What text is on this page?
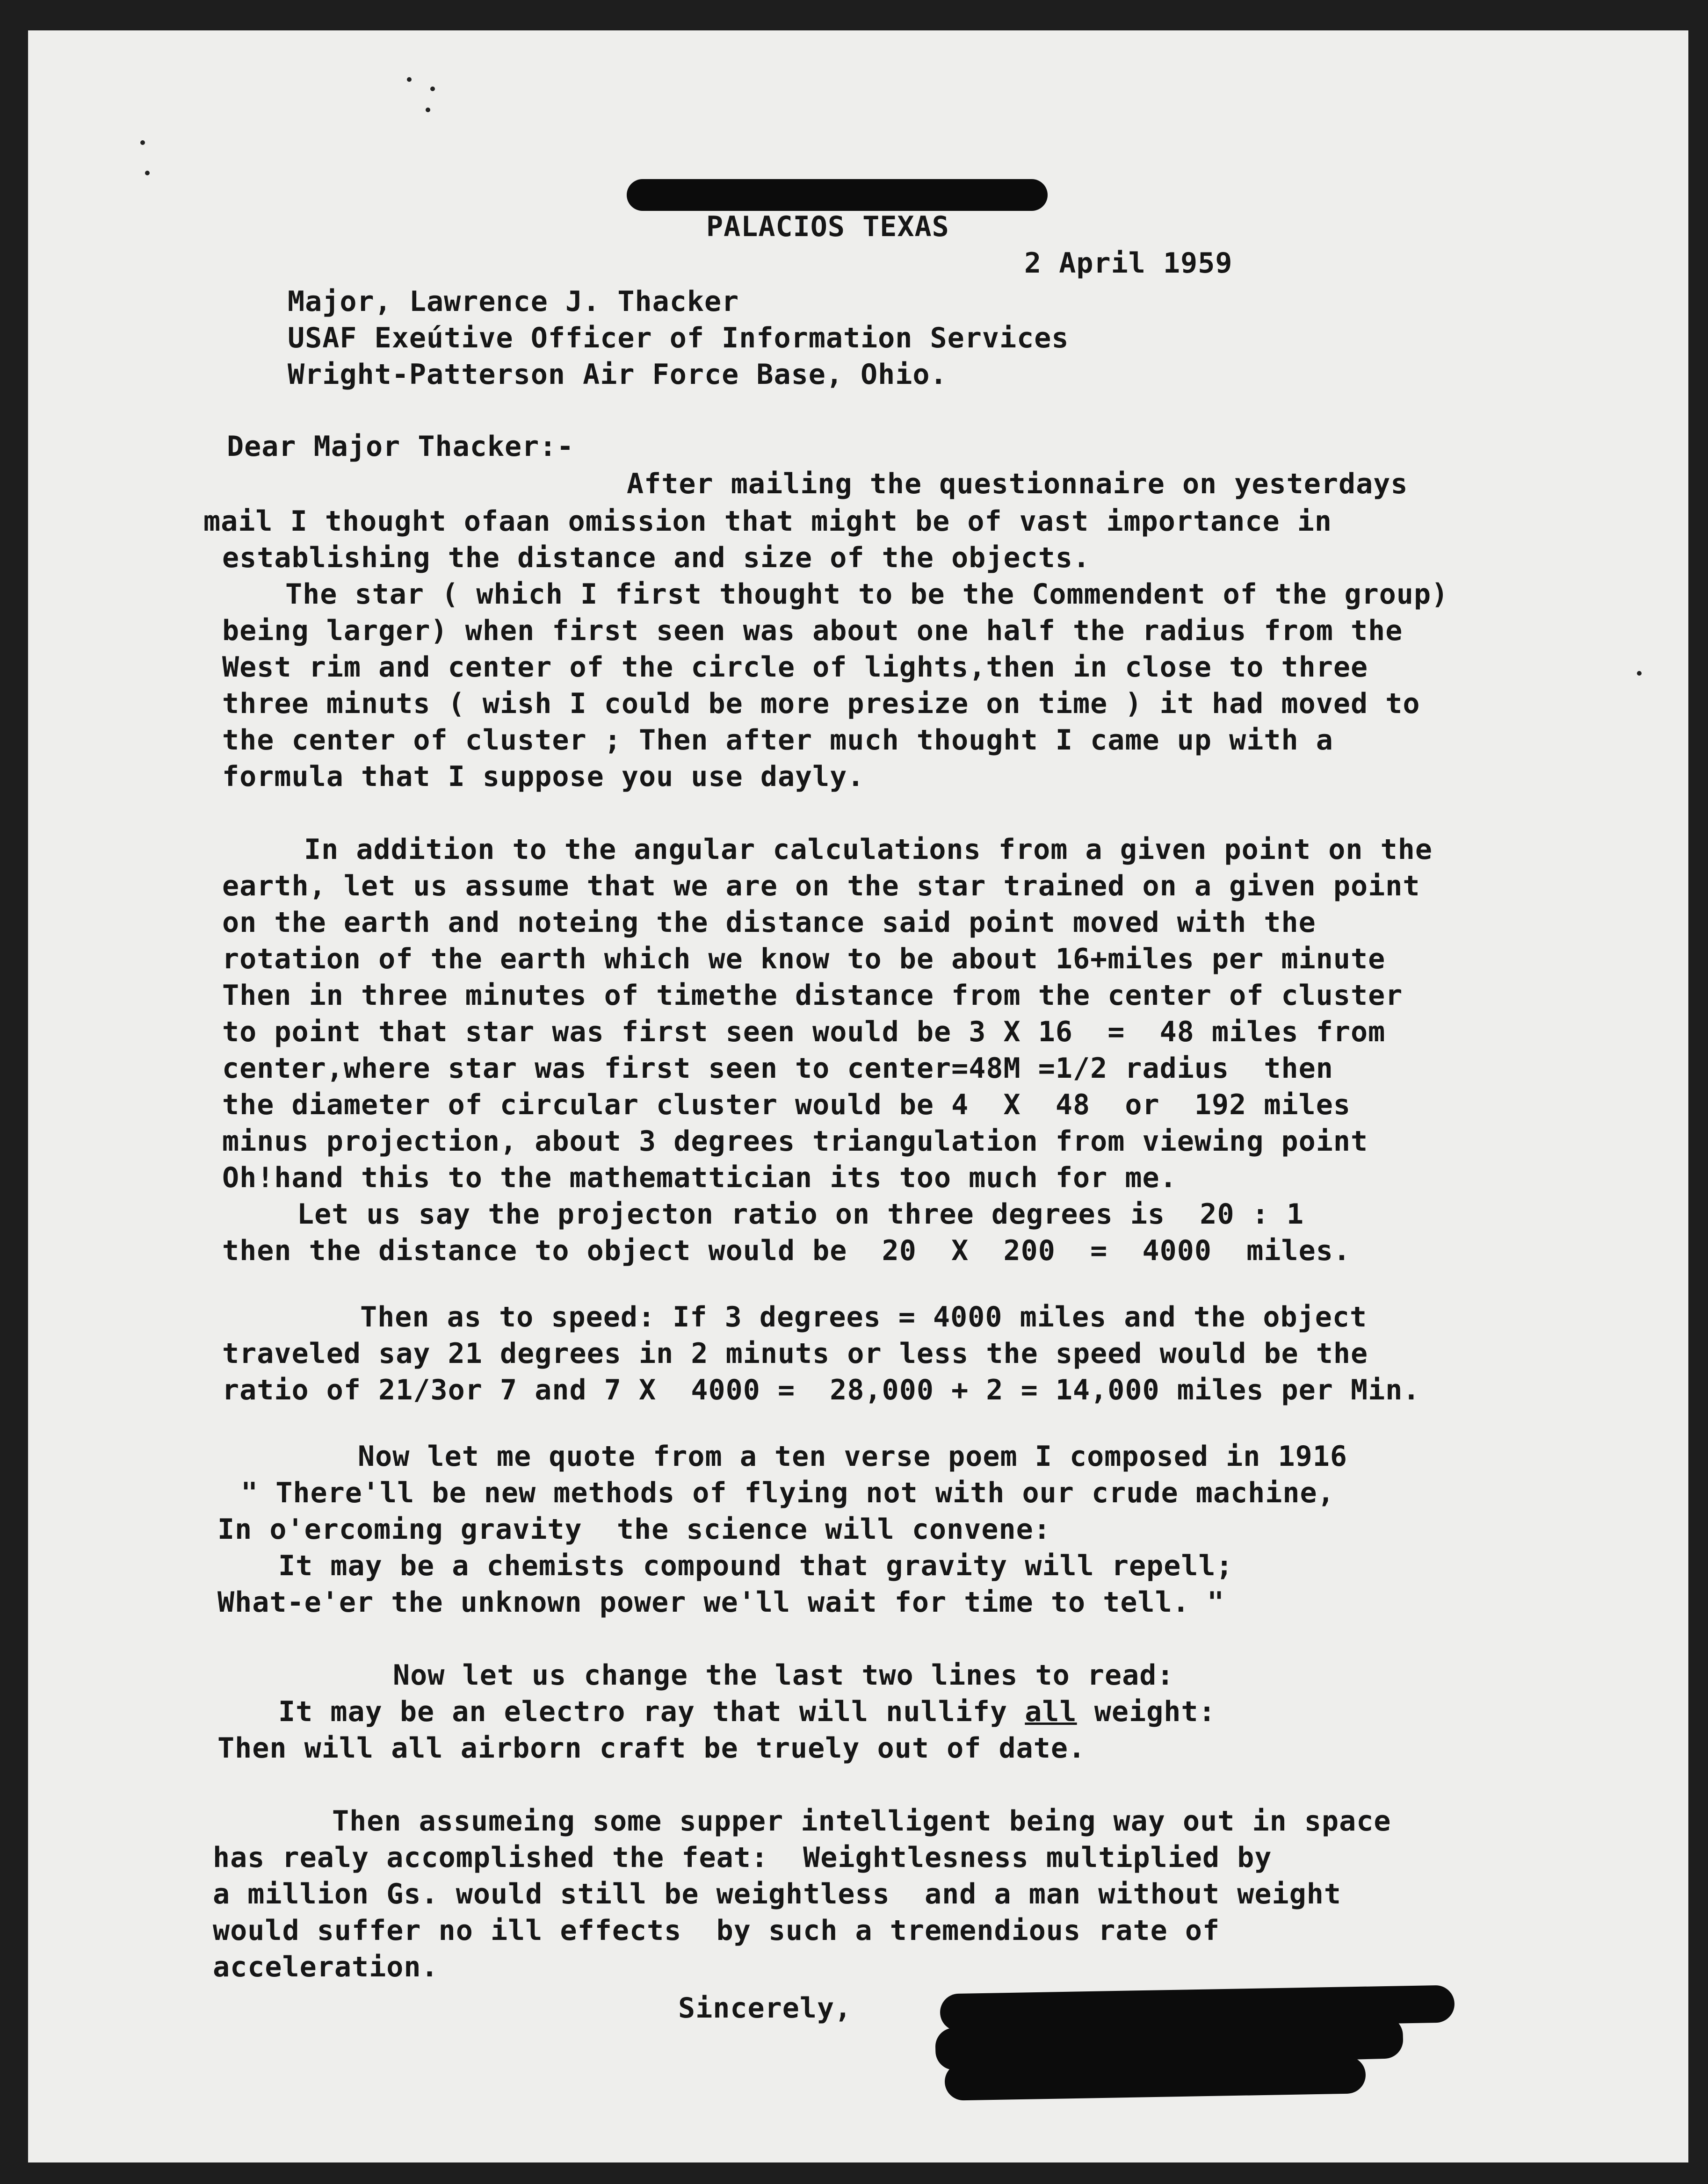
PALACIOS TEXAS
2 April 1959
Major, Lawrence J. Thacker
USAF Exeútive Officer of Information Services
Wright-Patterson Air Force Base, Ohio.
Dear Major Thacker:-
After mailing the questionnaire on yesterdays
mail I thought ofaan omission that might be of vast importance in
establishing the distance and size of the objects.
The star ( which I first thought to be the Commendent of the group)
being larger) when first seen was about one half the radius from the
West rim and center of the circle of lights,then in close to three
three minuts ( wish I could be more presize on time ) it had moved to
the center of cluster ; Then after much thought I came up with a
formula that I suppose you use dayly.
In addition to the angular calculations from a given point on the
earth, let us assume that we are on the star trained on a given point
on the earth and noteing the distance said point moved with the
rotation of the earth which we know to be about 16+miles per minute
Then in three minutes of timethe distance from the center of cluster
to point that star was first seen would be 3 X 16  =  48 miles from
center,where star was first seen to center=48M =1/2 radius  then
the diameter of circular cluster would be 4  X  48  or  192 miles
minus projection, about 3 degrees triangulation from viewing point
Oh!hand this to the mathemattician its too much for me.
Let us say the projecton ratio on three degrees is  20 : 1
then the distance to object would be  20  X  200  =  4000  miles.
Then as to speed: If 3 degrees = 4000 miles and the object
traveled say 21 degrees in 2 minuts or less the speed would be the
ratio of 21/3or 7 and 7 X  4000 =  28,000 + 2 = 14,000 miles per Min.
Now let me quote from a ten verse poem I composed in 1916
" There'll be new methods of flying not with our crude machine,
In o'ercoming gravity  the science will convene:
It may be a chemists compound that gravity will repell;
What-e'er the unknown power we'll wait for time to tell. "
Now let us change the last two lines to read:
It may be an electro ray that will nullify all weight:
Then will all airborn craft be truely out of date.
Then assumeing some supper intelligent being way out in space
has realy accomplished the feat:  Weightlesness multiplied by
a million Gs. would still be weightless  and a man without weight
would suffer no ill effects  by such a tremendious rate of
acceleration.
Sincerely,
